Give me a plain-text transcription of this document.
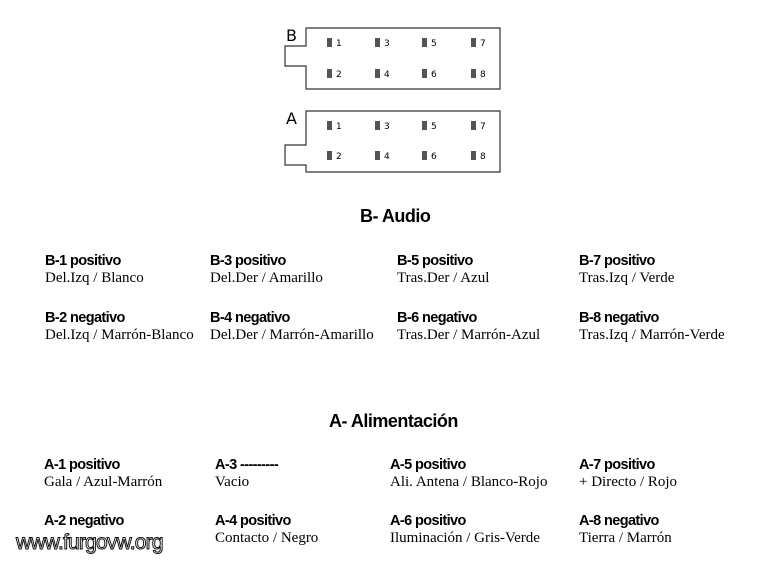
B	1
2
3
4
5
6
7
8
A	1
2
3
4
5
6
7
8
B- Audio
B-1 positivo
Del.Izq / Blanco
B-3 positivo
Del.Der / Amarillo
B-5 positivo
Tras.Der / Azul
B-7 positivo
Tras.Izq / Verde
B-2 negativo
Del.Izq / Marrón-Blanco
B-4 negativo
Del.Der / Marrón-Amarillo
B-6 negativo
Tras.Der / Marrón-Azul
B-8 negativo
Tras.Izq / Marrón-Verde
A- Alimentación
A-1 positivo
Gala / Azul-Marrón
A-3 ---------
Vacio
A-5 positivo
Ali. Antena / Blanco-Rojo
A-7 positivo
+ Directo / Rojo
A-2 negativo	A-4 positivo
Contacto / Negro
A-6 positivo
Iluminación / Gris-Verde
A-8 negativo
Tierra / Marrón
www.furgovw.org
